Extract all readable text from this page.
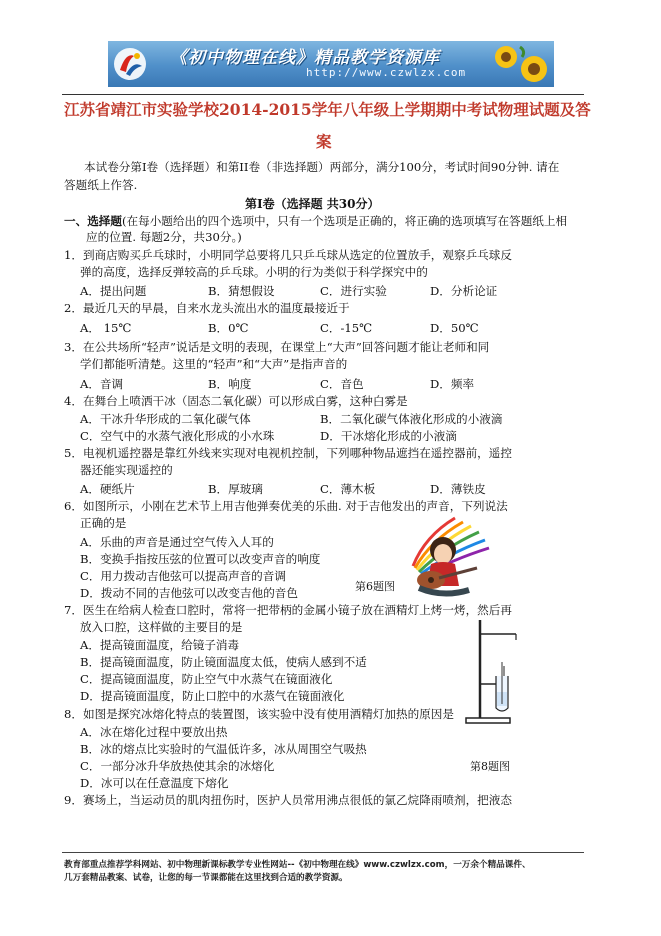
《初中物理在线》精品教学资源库
http://www.czwlzx.com
江苏省靖江市实验学校2014-2015学年八年级上学期期中考试物理试题及答
案
本试卷分第I卷（选择题）和第II卷（非选择题）两部分，满分100分，考试时间90分钟. 请在
答题纸上作答.
第I卷（选择题 共30分）
一、选择题(在每小题给出的四个选项中，只有一个选项是正确的，将正确的选项填写在答题纸上相
应的位置. 每题2分，共30分。)
1．到商店购买乒乓球时，小明同学总要将几只乒乓球从选定的位置放手，观察乒乓球反
弹的高度，选择反弹较高的乒乓球。小明的行为类似于科学探究中的
A．提出问题	B．猜想假设	C．进行实验	D．分析论证
2．最近几天的早晨，自来水龙头流出水的温度最接近于
A． 15℃	B．0℃	C．-15℃	D．50℃
3．在公共场所“轻声”说话是文明的表现，在课堂上“大声”回答问题才能让老师和同
学们都能听清楚。这里的“轻声”和“大声”是指声音的
A．音调	B．响度	C．音色	D．频率
4．在舞台上喷洒干冰（固态二氧化碳）可以形成白雾，这种白雾是
A．干冰升华形成的二氧化碳气体	B．二氧化碳气体液化形成的小液滴
C．空气中的水蒸气液化形成的小水珠	D．干冰熔化形成的小液滴
5．电视机遥控器是靠红外线来实现对电视机控制，下列哪种物品遮挡在遥控器前，遥控
器还能实现遥控的
A．硬纸片	B．厚玻璃	C．薄木板	D．薄铁皮
6．如图所示，小刚在艺术节上用吉他弹奏优美的乐曲. 对于吉他发出的声音，下列说法
正确的是
A．乐曲的声音是通过空气传入人耳的
B．变换手指按压弦的位置可以改变声音的响度
C．用力拨动吉他弦可以提高声音的音调
D．拨动不同的吉他弦可以改变吉他的音色	第6题图
7．医生在给病人检查口腔时，常将一把带柄的金属小镜子放在酒精灯上烤一烤，然后再
放入口腔，这样做的主要目的是
A．提高镜面温度，给镜子消毒
B．提高镜面温度，防止镜面温度太低，使病人感到不适
C．提高镜面温度，防止空气中水蒸气在镜面液化
D．提高镜面温度，防止口腔中的水蒸气在镜面液化
8．如图是探究冰熔化特点的装置图，该实验中没有使用酒精灯加热的原因是
A．冰在熔化过程中要放出热
B．冰的熔点比实验时的气温低许多，冰从周围空气吸热
C．一部分冰升华放热使其余的冰熔化
D．冰可以在任意温度下熔化
第8题图
9．赛场上，当运动员的肌肉扭伤时，医护人员常用沸点很低的氯乙烷降雨喷剂，把液态
教育部重点推荐学科网站、初中物理新课标教学专业性网站--《初中物理在线》www.czwlzx.com，一万余个精品课件、
几万套精品教案、试卷，让您的每一节课都能在这里找到合适的教学资源。
